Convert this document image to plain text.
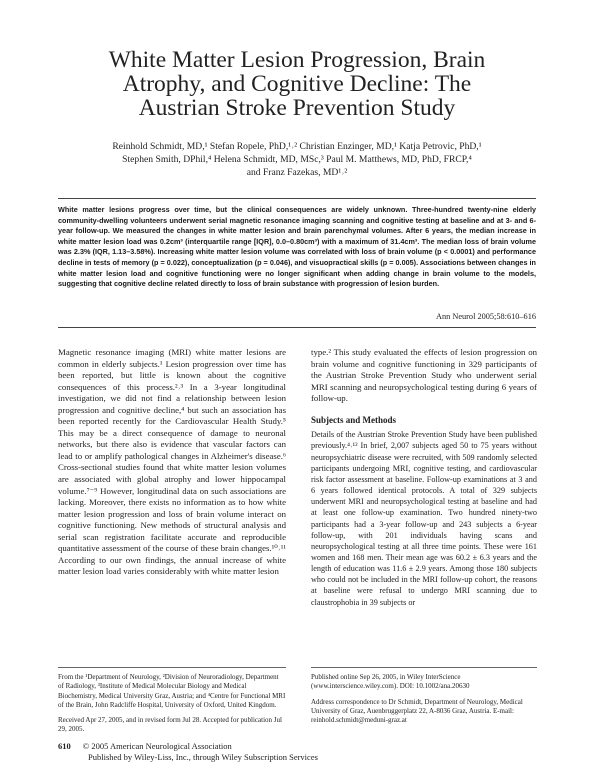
White Matter Lesion Progression, Brain
Atrophy, and Cognitive Decline: The
Austrian Stroke Prevention Study
Reinhold Schmidt, MD,¹ Stefan Ropele, PhD,¹˒² Christian Enzinger, MD,¹ Katja Petrovic, PhD,¹
Stephen Smith, DPhil,⁴ Helena Schmidt, MD, MSc,³ Paul M. Matthews, MD, PhD, FRCP,⁴
and Franz Fazekas, MD¹˒²

White matter lesions progress over time, but the clinical consequences are widely unknown. Three-hundred twenty-nine elderly community-dwelling volunteers underwent serial magnetic resonance imaging scanning and cognitive testing at baseline and at 3- and 6-year follow-up. We measured the changes in white matter lesion and brain parenchymal volumes. After 6 years, the median increase in white matter lesion load was 0.2cm³ (interquartile range [IQR], 0.0–0.80cm³) with a maximum of 31.4cm³. The median loss of brain volume was 2.3% (IQR, 1.13–3.58%). Increasing white matter lesion volume was correlated with loss of brain volume (p < 0.0001) and performance decline in tests of memory (p = 0.022), conceptualization (p = 0.046), and visuopractical skills (p = 0.005). Associations between changes in white matter lesion load and cognitive functioning were no longer significant when adding change in brain volume to the models, suggesting that cognitive decline related directly to loss of brain substance with progression of lesion burden.

Ann Neurol 2005;58:610–616

Magnetic resonance imaging (MRI) white matter lesions are common in elderly subjects.¹ Lesion progression over time has been reported, but little is known about the cognitive consequences of this process.²˒³ In a 3-year longitudinal investigation, we did not find a relationship between lesion progression and cognitive decline,⁴ but such an association has been reported recently for the Cardiovascular Health Study.⁵ This may be a direct consequence of damage to neuronal networks, but there also is evidence that vascular factors can lead to or amplify pathological changes in Alzheimer's disease.⁶ Cross-sectional studies found that white matter lesion volumes are associated with global atrophy and lower hippocampal volume.⁷⁻⁹ However, longitudinal data on such associations are lacking. Moreover, there exists no information as to how white matter lesion progression and loss of brain volume interact on cognitive functioning. New methods of structural analysis and serial scan registration facilitate accurate and reproducible quantitative assessment of the course of these brain changes.¹⁰˒¹¹ According to our own findings, the annual increase of white matter lesion load varies considerably with white matter lesion

type.² This study evaluated the effects of lesion progression on brain volume and cognitive functioning in 329 participants of the Austrian Stroke Prevention Study who underwent serial MRI scanning and neuropsychological testing during 6 years of follow-up.

Subjects and Methods

Details of the Austrian Stroke Prevention Study have been published previously.⁴˒¹² In brief, 2,007 subjects aged 50 to 75 years without neuropsychiatric disease were recruited, with 509 randomly selected participants undergoing MRI, cognitive testing, and cardiovascular risk factor assessment at baseline. Follow-up examinations at 3 and 6 years followed identical protocols. A total of 329 subjects underwent MRI and neuropsychological testing at baseline and had at least one follow-up examination. Two hundred ninety-two participants had a 3-year follow-up and 243 subjects a 6-year follow-up, with 201 individuals having scans and neuropsychological testing at all three time points. These were 161 women and 168 men. Their mean age was 60.2 ± 6.3 years and the length of education was 11.6 ± 2.9 years. Among those 180 subjects who could not be included in the MRI follow-up cohort, the reasons at baseline were refusal to undergo MRI scanning due to claustrophobia in 39 subjects or

From the ¹Department of Neurology, ²Division of Neuroradiology, Department of Radiology, ³Institute of Medical Molecular Biology and Medical Biochemistry, Medical University Graz, Austria; and ⁴Centre for Functional MRI of the Brain, John Radcliffe Hospital, University of Oxford, United Kingdom.

Received Apr 27, 2005, and in revised form Jul 28. Accepted for publication Jul 29, 2005.

Published online Sep 26, 2005, in Wiley InterScience (www.interscience.wiley.com). DOI: 10.1002/ana.20630

Address correspondence to Dr Schmidt, Department of Neurology, Medical University of Graz, Auenbruggerplatz 22, A-8036 Graz, Austria. E-mail: reinhold.schmidt@meduni-graz.at

610 © 2005 American Neurological Association
Published by Wiley-Liss, Inc., through Wiley Subscription Services
